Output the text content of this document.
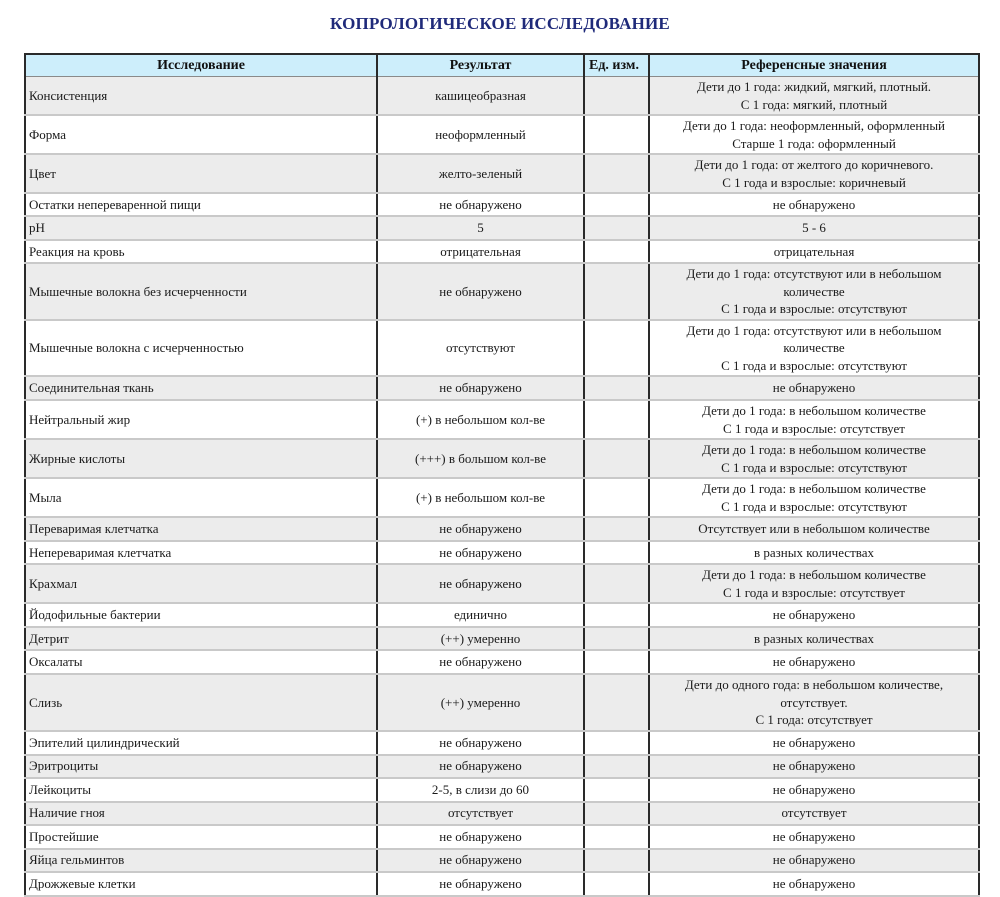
КОПРОЛОГИЧЕСКОЕ ИССЛЕДОВАНИЕ
Исследование	Результат	Ед. изм.	Референсные значения
Консистенция	кашицеобразная		Дети до 1 года: жидкий, мягкий, плотный.
С 1 года: мягкий, плотный

Форма	неоформленный		Дети до 1 года: неоформленный, оформленный
Старше 1 года: оформленный

Цвет	желто-зеленый		Дети до 1 года: от желтого до коричневого.
С 1 года и взрослые: коричневый

Остатки непереваренной пищи	не обнаружено		не обнаружено

pH	5		5 - 6

Реакция на кровь	отрицательная		отрицательная

Мышечные волокна без исчерченности	не обнаружено		Дети до 1 года: отсутствуют или в небольшом
количестве
С 1 года и взрослые: отсутствуют

Мышечные волокна с исчерченностью	отсутствуют		Дети до 1 года: отсутствуют или в небольшом
количестве
С 1 года и взрослые: отсутствуют

Соединительная ткань	не обнаружено		не обнаружено

Нейтральный жир	(+) в небольшом кол-ве		Дети до 1 года: в небольшом количестве
С 1 года и взрослые: отсутствует

Жирные кислоты	(+++) в большом кол-ве		Дети до 1 года: в небольшом количестве
С 1 года и взрослые: отсутствуют

Мыла	(+) в небольшом кол-ве		Дети до 1 года: в небольшом количестве
С 1 года и взрослые: отсутствуют

Переваримая клетчатка	не обнаружено		Отсутствует или в небольшом количестве

Непереваримая клетчатка	не обнаружено		в разных количествах

Крахмал	не обнаружено		Дети до 1 года: в небольшом количестве
С 1 года и взрослые: отсутствует

Йодофильные бактерии	единично		не обнаружено

Детрит	(++) умеренно		в разных количествах

Оксалаты	не обнаружено		не обнаружено

Слизь	(++) умеренно		Дети до одного года: в небольшом количестве,
отсутствует.
С 1 года: отсутствует

Эпителий цилиндрический	не обнаружено		не обнаружено

Эритроциты	не обнаружено		не обнаружено

Лейкоциты	2-5, в слизи до 60		не обнаружено

Наличие гноя	отсутствует		отсутствует

Простейшие	не обнаружено		не обнаружено

Яйца гельминтов	не обнаружено		не обнаружено

Дрожжевые клетки	не обнаружено		не обнаружено
